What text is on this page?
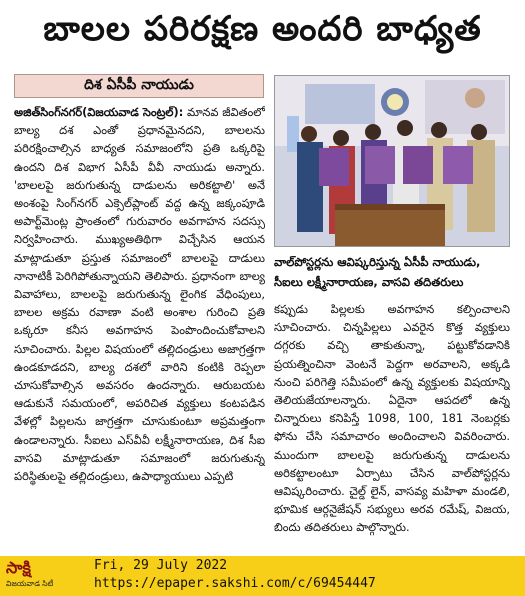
బాలల పరిరక్షణ అందరి బాధ్యత
దిశ ఏసీపీ నాయుడు
అజిత్‌సింగ్‌నగర్(విజయవాడ సెంట్రల్): మానవ జీవితంలో బాల్య దశ ఎంతో ప్రధానమైనదని, బాలలను పరిరక్షించాల్సిన బాధ్యత సమాజంలోని ప్రతి ఒక్కరిపై ఉందని దిశ విభాగ ఏసీపీ వీవీ నాయుడు అన్నారు. 'బాలలపై జరుగుతున్న దాడులను అరికట్టాలి' అనే అంశంపై సింగ్‌నగర్ ఎక్సెల్‌ప్లాంట్ వద్ద ఉన్న జక్కంపూడి అపార్ట్‌మెంట్ల ప్రాంతంలో గురువారం అవగాహన సదస్సు నిర్వహించారు. ముఖ్యఅతిథిగా విచ్చేసిన ఆయన మాట్లాడుతూ ప్రస్తుత సమాజంలో బాలలపై దాడులు నానాటికీ పెరిగిపోతున్నాయని తెలిపారు. ప్రధానంగా బాల్య వివాహాలు, బాలలపై జరుగుతున్న లైంగిక వేధింపులు, బాలల అక్రమ రవాణా వంటి అంశాల గురించి ప్రతి ఒక్కరూ కనీస అవగాహన పెంపొందించుకోవాలని సూచించారు. పిల్లల విషయంలో తల్లిదండ్రులు అజాగ్రత్తగా ఉండకూడదని, బాల్య దశలో వారిని కంటికి రెప్పలా చూసుకోవాల్సిన అవసరం ఉందన్నారు. ఆరుబయట ఆడుకునే సమయంలో, అపరిచిత వ్యక్తులు కంటపడిన వేళల్లో పిల్లలను జాగ్రత్తగా చూసుకుంటూ అప్రమత్తంగా ఉండాలన్నారు. సీఐలు ఎస్‌వీవీ లక్ష్మీనారాయణ, దిశ సీఐ వాసవి మాట్లాడుతూ సమాజంలో జరుగుతున్న పరిస్థితులపై తల్లిదండ్రులు, ఉపాధ్యాయులు ఎప్పటి
వాల్‌పోస్టర్లను ఆవిష్కరిస్తున్న ఏసీపీ నాయుడు, సీఐలు లక్ష్మీనారాయణ, వాసవి తదితరులు
కప్పుడు పిల్లలకు అవగాహన కల్పించాలని సూచించారు. చిన్నపిల్లలు ఎవరైన కొత్త వ్యక్తులు దగ్గరకు వచ్చి తాకుతున్నా, పట్టుకోవడానికి ప్రయత్నించినా వెంటనే పెద్దగా అరవాలని, అక్కడి నుంచి పరిగెత్తి సమీపంలో ఉన్న వ్యక్తులకు విషయాన్ని తెలియజేయాలన్నారు. ఏదైనా ఆపదలో ఉన్న చిన్నారులు కనిపిస్తే 1098, 100, 181 నెంబర్లకు ఫోను చేసి సమాచారం అందించాలని వివరించారు. ముందుగా బాలలపై జరుగుతున్న దాడులను అరికట్టాలంటూ ఏర్పాటు చేసిన వాల్‌పోస్టర్లను ఆవిష్కరించారు. చైల్డ్ లైన్, వాసవ్య మహిళా మండలి, భూమిక ఆర్గనైజేషన్ సభ్యులు అరవ రమేష్, విజయ, బిందు తదితరులు పాల్గొన్నారు.
సాక్షి
విజయవాడ సిటీ
Fri, 29 July 2022
https://epaper.sakshi.com/c/69454447
